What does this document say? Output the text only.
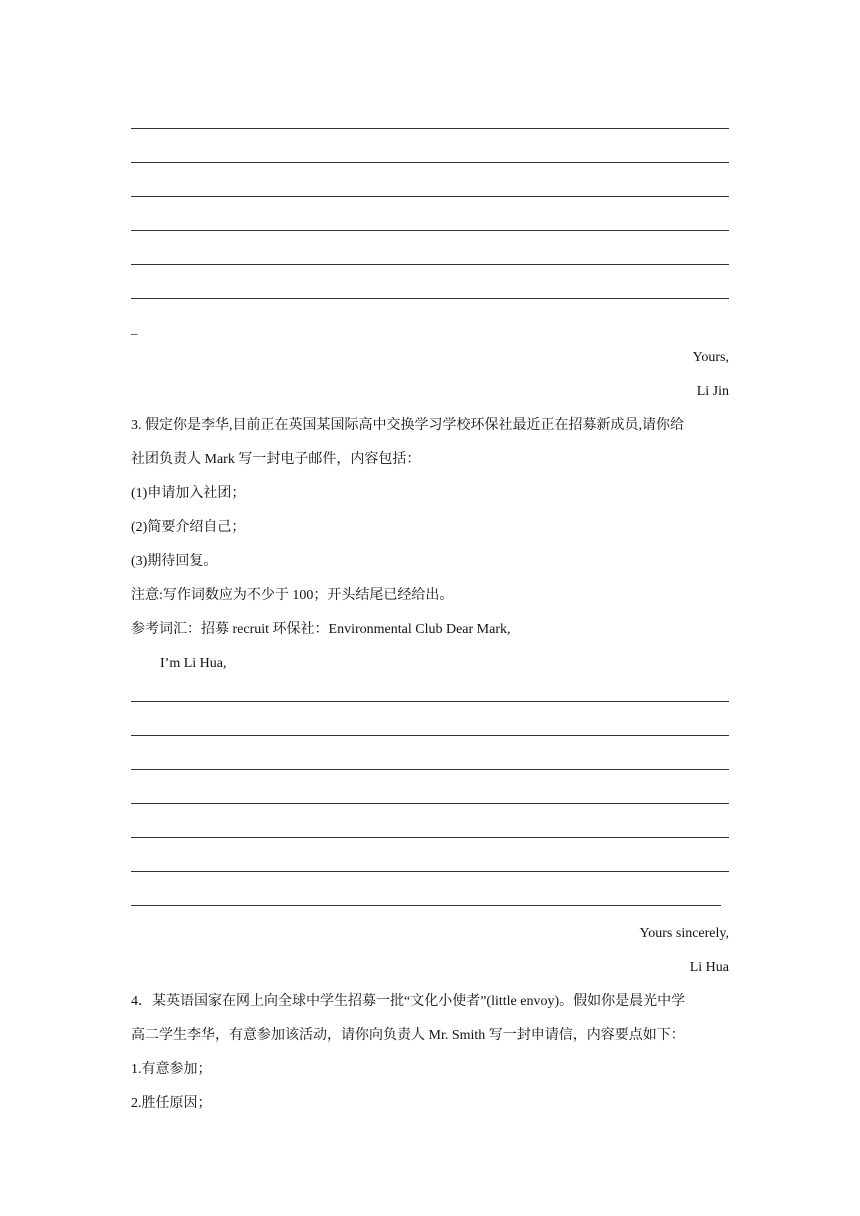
_
Yours,
Li Jin
3. 假定你是李华,目前正在英国某国际高中交换学习学校环保社最近正在招募新成员,请你给
社团负责人 Mark 写一封电子邮件，内容包括：
(1)申请加入社团；
(2)简要介绍自己；
(3)期待回复。
注意:写作词数应为不少于 100；开头结尾已经给出。
参考词汇：招募 recruit 环保社：Environmental Club Dear Mark,
I’m Li Hua,
Yours sincerely,
Li Hua
4．某英语国家在网上向全球中学生招募一批“文化小使者”(little envoy)。假如你是晨光中学
高二学生李华，有意参加该活动，请你向负责人 Mr. Smith 写一封申请信，内容要点如下：
1.有意参加；
2.胜任原因；
